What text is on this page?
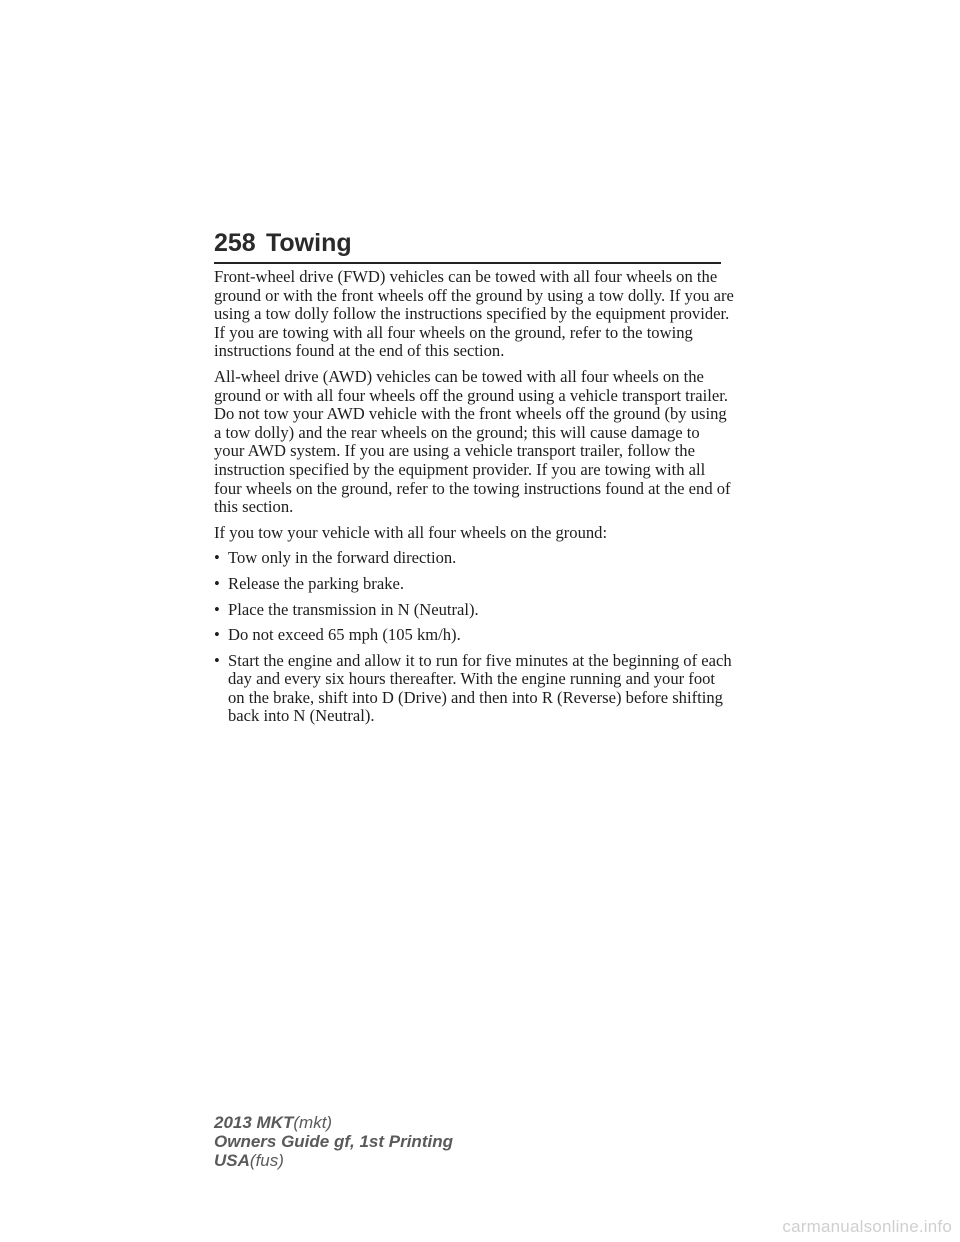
258 Towing

Front-wheel drive (FWD) vehicles can be towed with all four wheels on the ground or with the front wheels off the ground by using a tow dolly. If you are using a tow dolly follow the instructions specified by the equipment provider. If you are towing with all four wheels on the ground, refer to the towing instructions found at the end of this section.

All-wheel drive (AWD) vehicles can be towed with all four wheels on the ground or with all four wheels off the ground using a vehicle transport trailer. Do not tow your AWD vehicle with the front wheels off the ground (by using a tow dolly) and the rear wheels on the ground; this will cause damage to your AWD system. If you are using a vehicle transport trailer, follow the instruction specified by the equipment provider. If you are towing with all four wheels on the ground, refer to the towing instructions found at the end of this section.

If you tow your vehicle with all four wheels on the ground:

• Tow only in the forward direction.
• Release the parking brake.
• Place the transmission in N (Neutral).
• Do not exceed 65 mph (105 km/h).
• Start the engine and allow it to run for five minutes at the beginning of each day and every six hours thereafter. With the engine running and your foot on the brake, shift into D (Drive) and then into R (Reverse) before shifting back into N (Neutral).
2013 MKT(mkt)
Owners Guide gf, 1st Printing
USA(fus)
carmanualsonline.info
